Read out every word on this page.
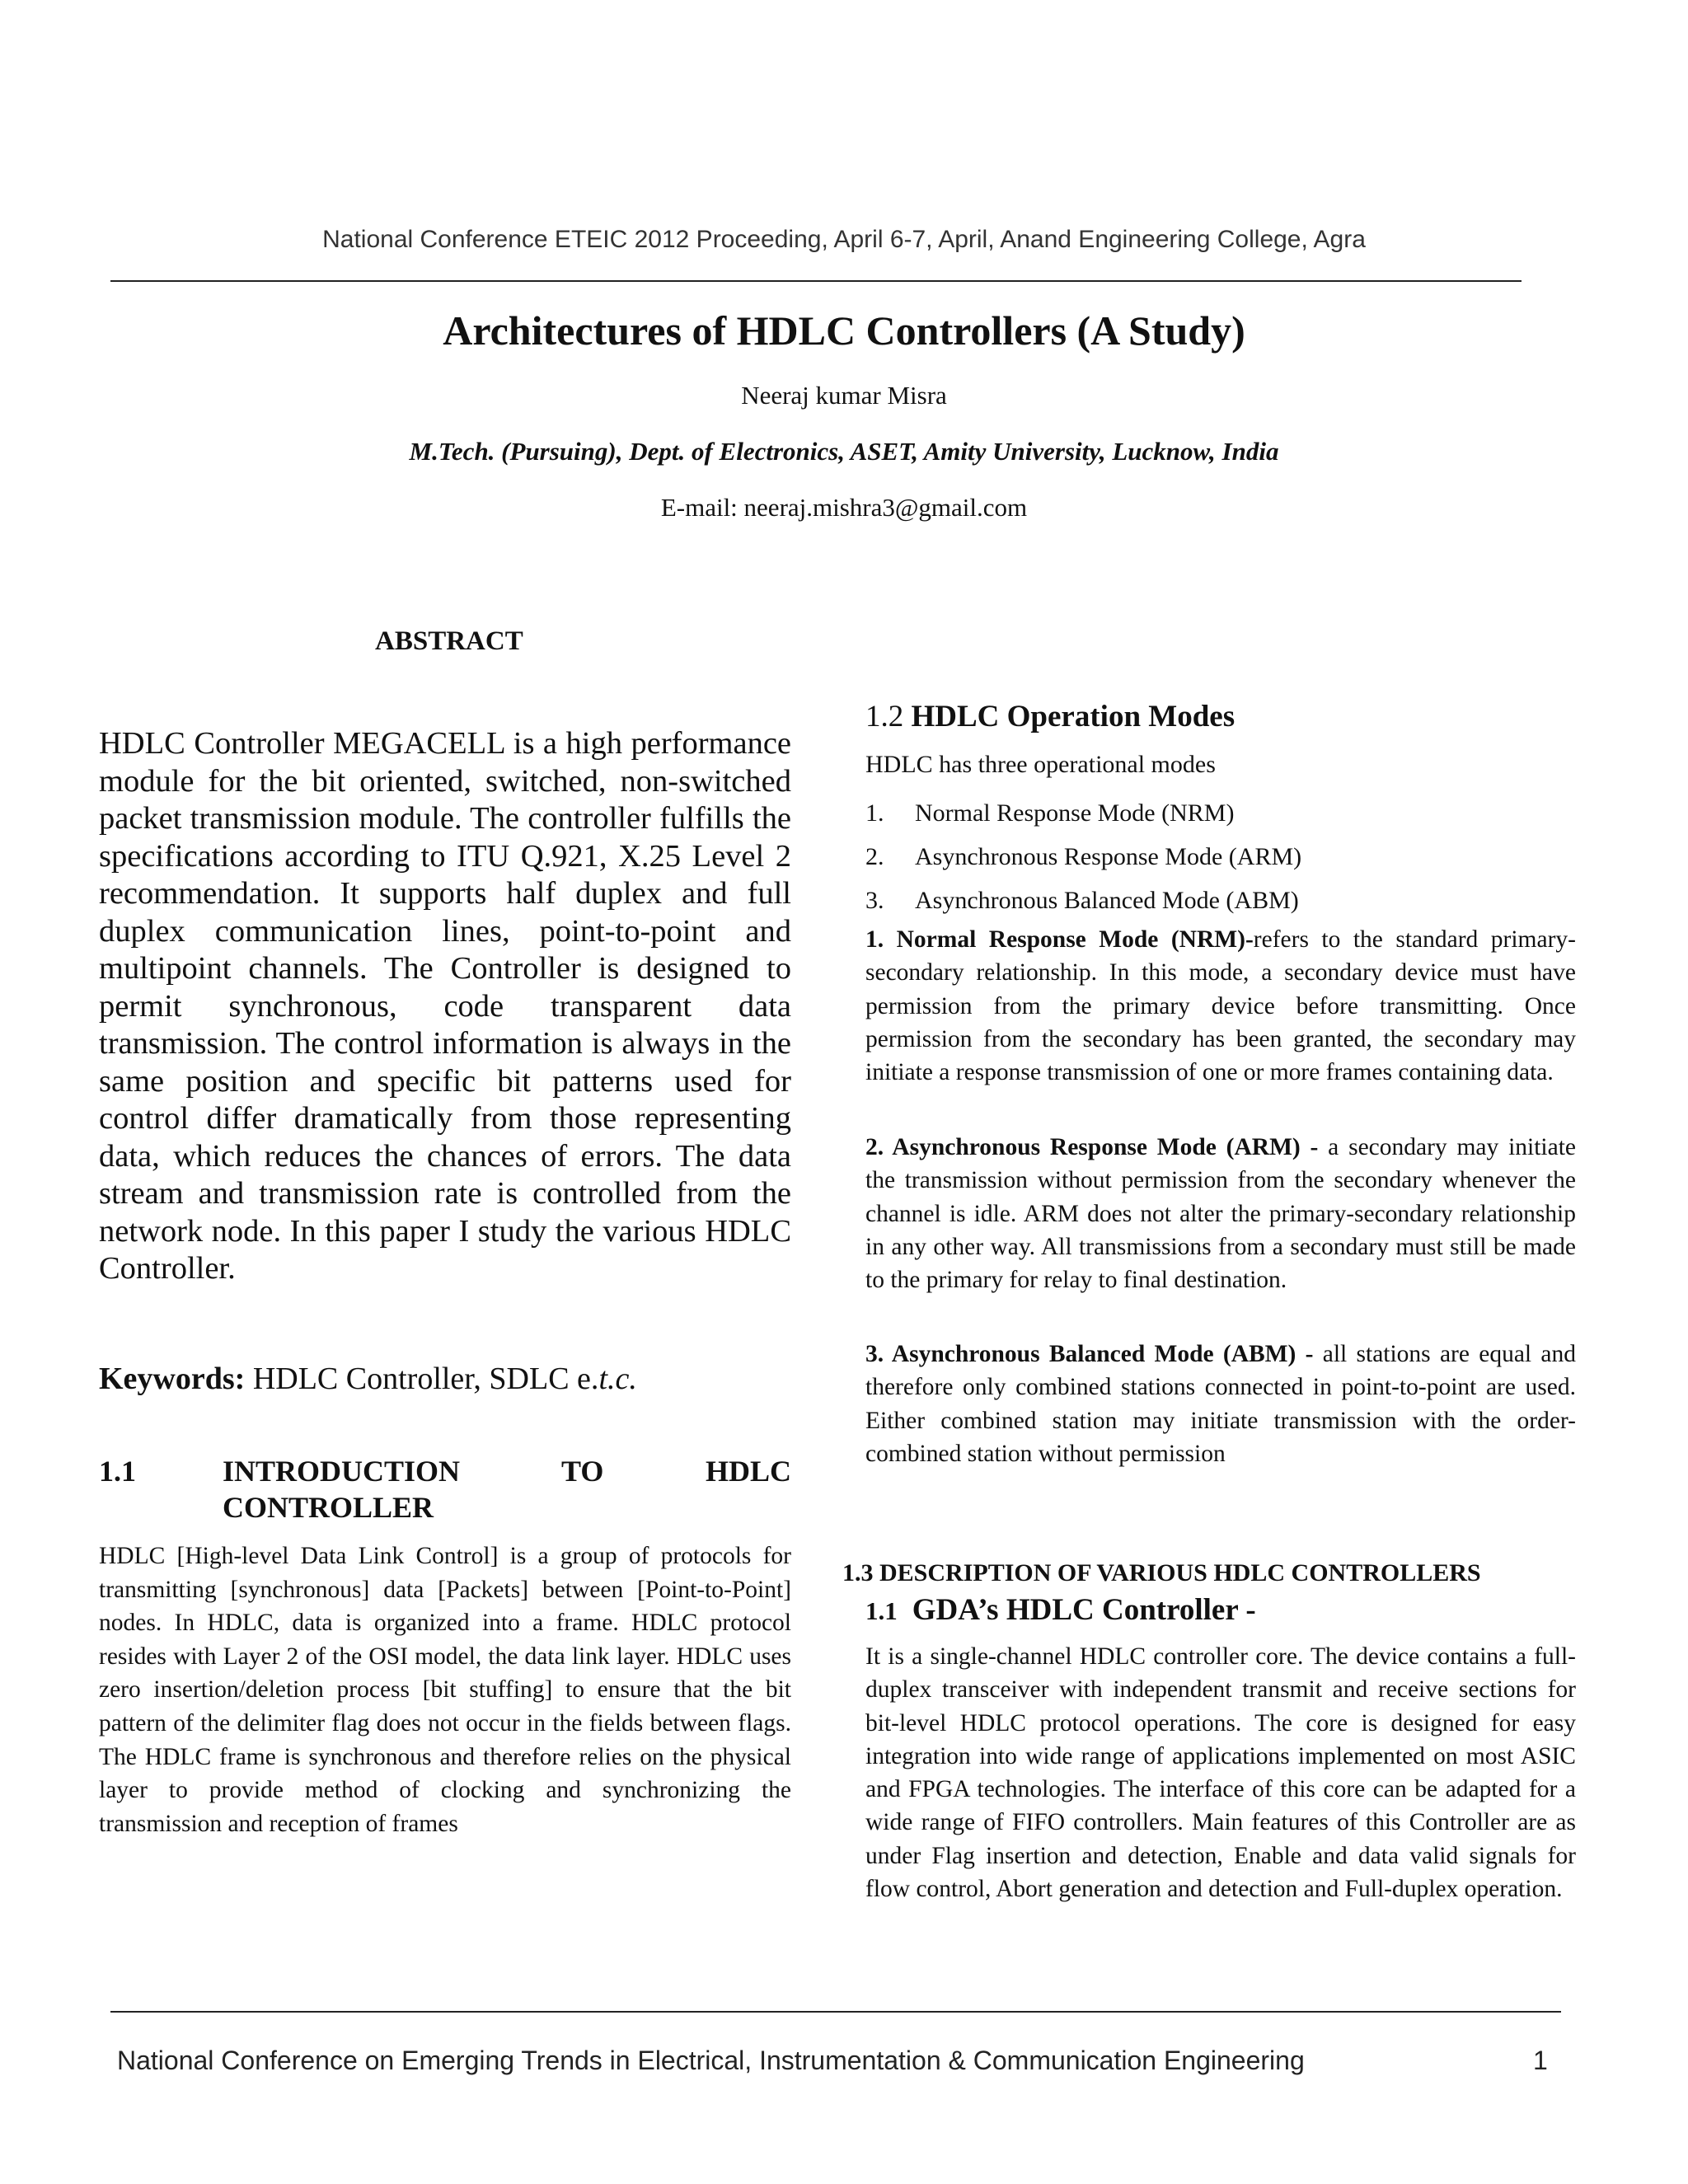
National Conference ETEIC 2012 Proceeding, April 6-7, April, Anand Engineering College, Agra
Architectures of HDLC Controllers (A Study)
Neeraj kumar Misra
M.Tech. (Pursuing), Dept. of Electronics, ASET, Amity University, Lucknow, India
E-mail: neeraj.mishra3@gmail.com
ABSTRACT
HDLC Controller MEGACELL is a high performance module for the bit oriented, switched, non-switched packet transmission module. The controller fulfills the specifications according to ITU Q.921, X.25 Level 2 recommendation. It supports half duplex and full duplex communication lines, point-to-point and multipoint channels. The Controller is designed to permit synchronous, code transparent data transmission. The control information is always in the same position and specific bit patterns used for control differ dramatically from those representing data, which reduces the chances of errors. The data stream and transmission rate is controlled from the network node. In this paper I study the various HDLC Controller.
Keywords: HDLC Controller, SDLC e.t.c.
1.1	INTRODUCTION TO HDLC
CONTROLLER
HDLC [High-level Data Link Control] is a group of protocols for transmitting [synchronous] data [Packets] between [Point-to-Point] nodes. In HDLC, data is organized into a frame. HDLC protocol resides with Layer 2 of the OSI model, the data link layer. HDLC uses zero insertion/deletion process [bit stuffing] to ensure that the bit pattern of the delimiter flag does not occur in the fields between flags. The HDLC frame is synchronous and therefore relies on the physical layer to provide method of clocking and synchronizing the transmission and reception of frames
1.2 HDLC Operation Modes
HDLC has three operational modes
1. Normal Response Mode (NRM)
2. Asynchronous Response Mode (ARM)
3. Asynchronous Balanced Mode (ABM)
1. Normal Response Mode (NRM)-refers to the standard primary-secondary relationship. In this mode, a secondary device must have permission from the primary device before transmitting. Once permission from the secondary has been granted, the secondary may initiate a response transmission of one or more frames containing data.
2. Asynchronous Response Mode (ARM) - a secondary may initiate the transmission without permission from the secondary whenever the channel is idle. ARM does not alter the primary-secondary relationship in any other way. All transmissions from a secondary must still be made to the primary for relay to final destination.
3. Asynchronous Balanced Mode (ABM) - all stations are equal and therefore only combined stations connected in point-to-point are used. Either combined station may initiate transmission with the order-combined station without permission
1.3 DESCRIPTION OF VARIOUS HDLC CONTROLLERS
1.1 GDA’s HDLC Controller -
It is a single-channel HDLC controller core. The device contains a full-duplex transceiver with independent transmit and receive sections for bit-level HDLC protocol operations. The core is designed for easy integration into wide range of applications implemented on most ASIC and FPGA technologies. The interface of this core can be adapted for a wide range of FIFO controllers. Main features of this Controller are as under Flag insertion and detection, Enable and data valid signals for flow control, Abort generation and detection and Full-duplex operation.
National Conference on Emerging Trends in Electrical, Instrumentation & Communication Engineering	1
